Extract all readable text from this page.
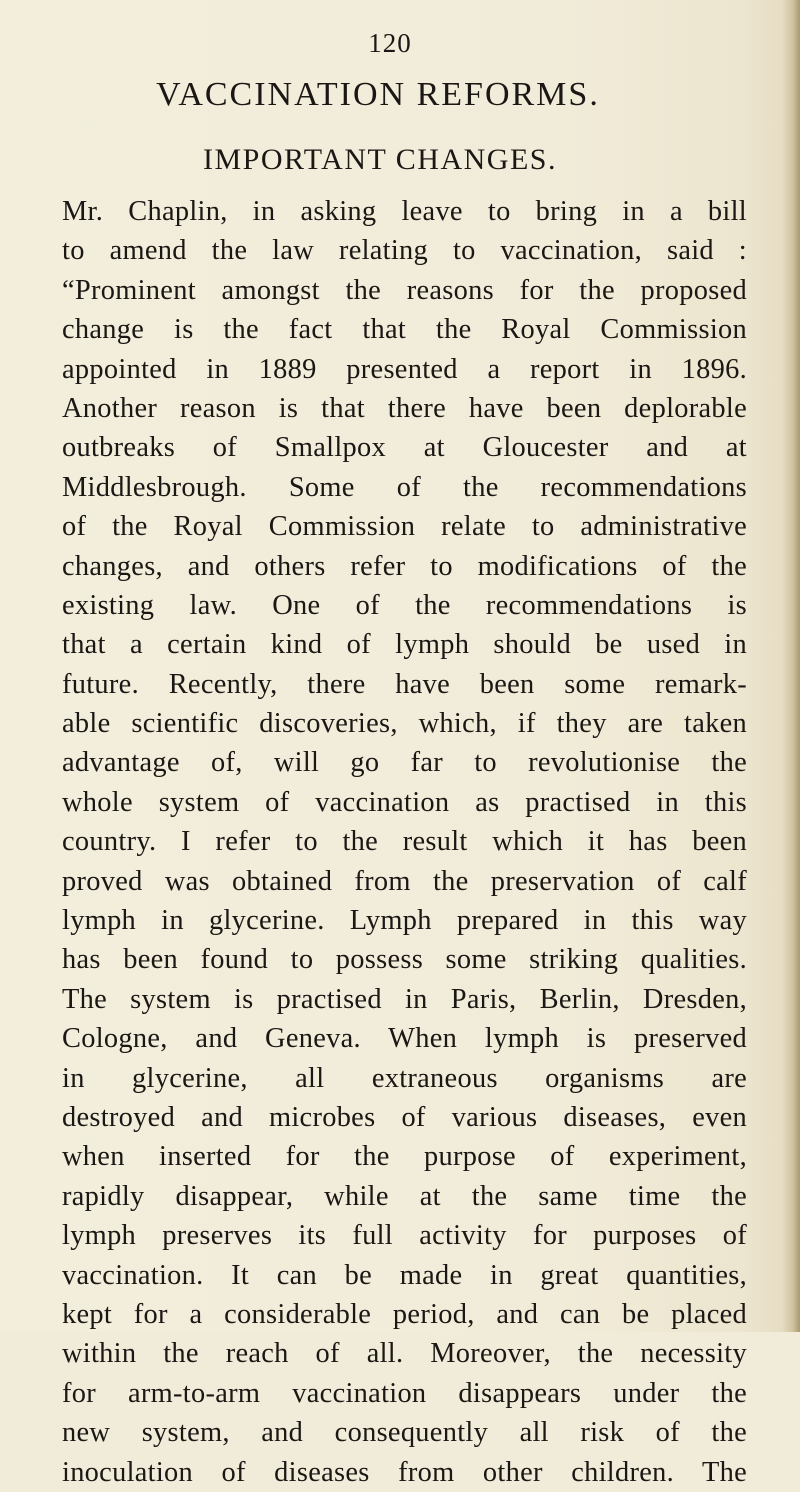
120
VACCINATION REFORMS.
IMPORTANT CHANGES.
Mr. Chaplin, in asking leave to bring in a bill
to amend the law relating to vaccination, said :
“Prominent amongst the reasons for the proposed
change is the fact that the Royal Commission
appointed in 1889 presented a report in 1896.
Another reason is that there have been deplorable
outbreaks of Smallpox at Gloucester and at
Middlesbrough. Some of the recommendations
of the Royal Commission relate to administrative
changes, and others refer to modifications of the
existing law. One of the recommendations is
that a certain kind of lymph should be used in
future. Recently, there have been some remark-
able scientific discoveries, which, if they are taken
advantage of, will go far to revolutionise the
whole system of vaccination as practised in this
country. I refer to the result which it has been
proved was obtained from the preservation of calf
lymph in glycerine. Lymph prepared in this way
has been found to possess some striking qualities.
The system is practised in Paris, Berlin, Dresden,
Cologne, and Geneva. When lymph is preserved
in glycerine, all extraneous organisms are
destroyed and microbes of various diseases, even
when inserted for the purpose of experiment,
rapidly disappear, while at the same time the
lymph preserves its full activity for purposes of
vaccination. It can be made in great quantities,
kept for a considerable period, and can be placed
within the reach of all. Moreover, the necessity
for arm-to-arm vaccination disappears under the
new system, and consequently all risk of the
inoculation of diseases from other children. The
